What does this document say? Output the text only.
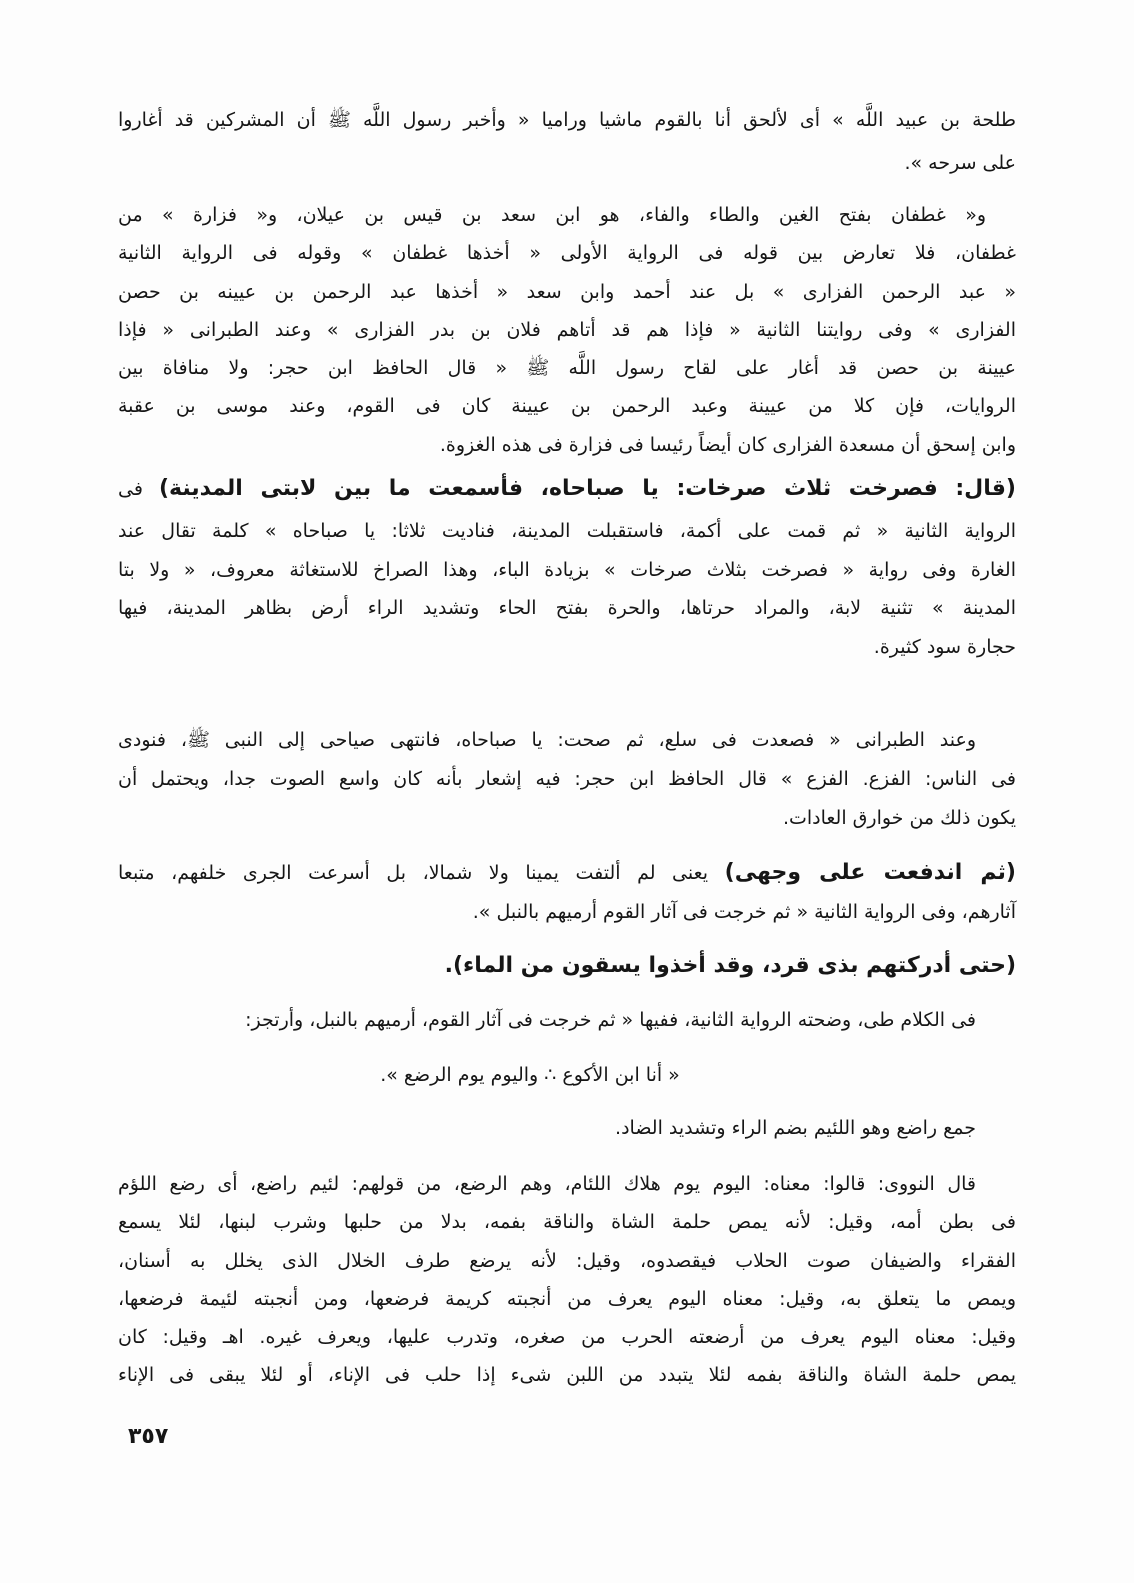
٣٥٧
طلحة بن عبيد اللَّه » أى لألحق أنا بالقوم ماشيا وراميا « وأخبر رسول اللَّه ﷺ أن المشركين قد أغاروا
على سرحه ».
و« غطفان بفتح الغين والطاء والفاء، هو ابن سعد بن قيس بن عيلان، و« فزارة » من
غطفان، فلا تعارض بين قوله فى الرواية الأولى « أخذها غطفان » وقوله فى الرواية الثانية
« عبد الرحمن الفزارى » بل عند أحمد وابن سعد « أخذها عبد الرحمن بن عيينه بن حصن
الفزارى » وفى روايتنا الثانية « فإذا هم قد أتاهم فلان بن بدر الفزارى » وعند الطبرانى « فإذا
عيينة بن حصن قد أغار على لقاح رسول اللَّه ﷺ « قال الحافظ ابن حجر: ولا منافاة بين
الروايات، فإن كلا من عيينة وعبد الرحمن بن عيينة كان فى القوم، وعند موسى بن عقبة
وابن إسحق أن مسعدة الفزارى كان أيضاً رئيسا فى فزارة فى هذه الغزوة.
(قال: فصرخت ثلاث صرخات: يا صباحاه، فأسمعت ما بين لابتى المدينة) فى
الرواية الثانية « ثم قمت على أكمة، فاستقبلت المدينة، فناديت ثلاثا: يا صباحاه » كلمة تقال عند
الغارة وفى رواية « فصرخت بثلاث صرخات » بزيادة الباء، وهذا الصراخ للاستغاثة معروف، « ولا بتا
المدينة » تثنية لابة، والمراد حرتاها، والحرة بفتح الحاء وتشديد الراء أرض بظاهر المدينة، فيها
حجارة سود كثيرة.
وعند الطبرانى « فصعدت فى سلع، ثم صحت: يا صباحاه، فانتهى صياحى إلى النبى ﷺ، فنودى
فى الناس: الفزع. الفزع » قال الحافظ ابن حجر: فيه إشعار بأنه كان واسع الصوت جدا، ويحتمل أن
يكون ذلك من خوارق العادات.
(ثم اندفعت على وجهى) يعنى لم ألتفت يمينا ولا شمالا، بل أسرعت الجرى خلفهم، متبعا
آثارهم، وفى الرواية الثانية « ثم خرجت فى آثار القوم أرميهم بالنبل ».
(حتى أدركتهم بذى قرد، وقد أخذوا يسقون من الماء).
فى الكلام طى، وضحته الرواية الثانية، ففيها « ثم خرجت فى آثار القوم، أرميهم بالنبل، وأرتجز:
« أنا ابن الأكوع ∴ واليوم يوم الرضع ».
جمع راضع وهو اللئيم بضم الراء وتشديد الضاد.
قال النووى: قالوا: معناه: اليوم يوم هلاك اللئام، وهم الرضع، من قولهم: لئيم راضع، أى رضع اللؤم
فى بطن أمه، وقيل: لأنه يمص حلمة الشاة والناقة بفمه، بدلا من حلبها وشرب لبنها، لئلا يسمع
الفقراء والضيفان صوت الحلاب فيقصدوه، وقيل: لأنه يرضع طرف الخلال الذى يخلل به أسنان،
ويمص ما يتعلق به، وقيل: معناه اليوم يعرف من أنجبته كريمة فرضعها، ومن أنجبته لئيمة فرضعها،
وقيل: معناه اليوم يعرف من أرضعته الحرب من صغره، وتدرب عليها، ويعرف غيره. اهـ وقيل: كان
يمص حلمة الشاة والناقة بفمه لئلا يتبدد من اللبن شىء إذا حلب فى الإناء، أو لئلا يبقى فى الإناء
